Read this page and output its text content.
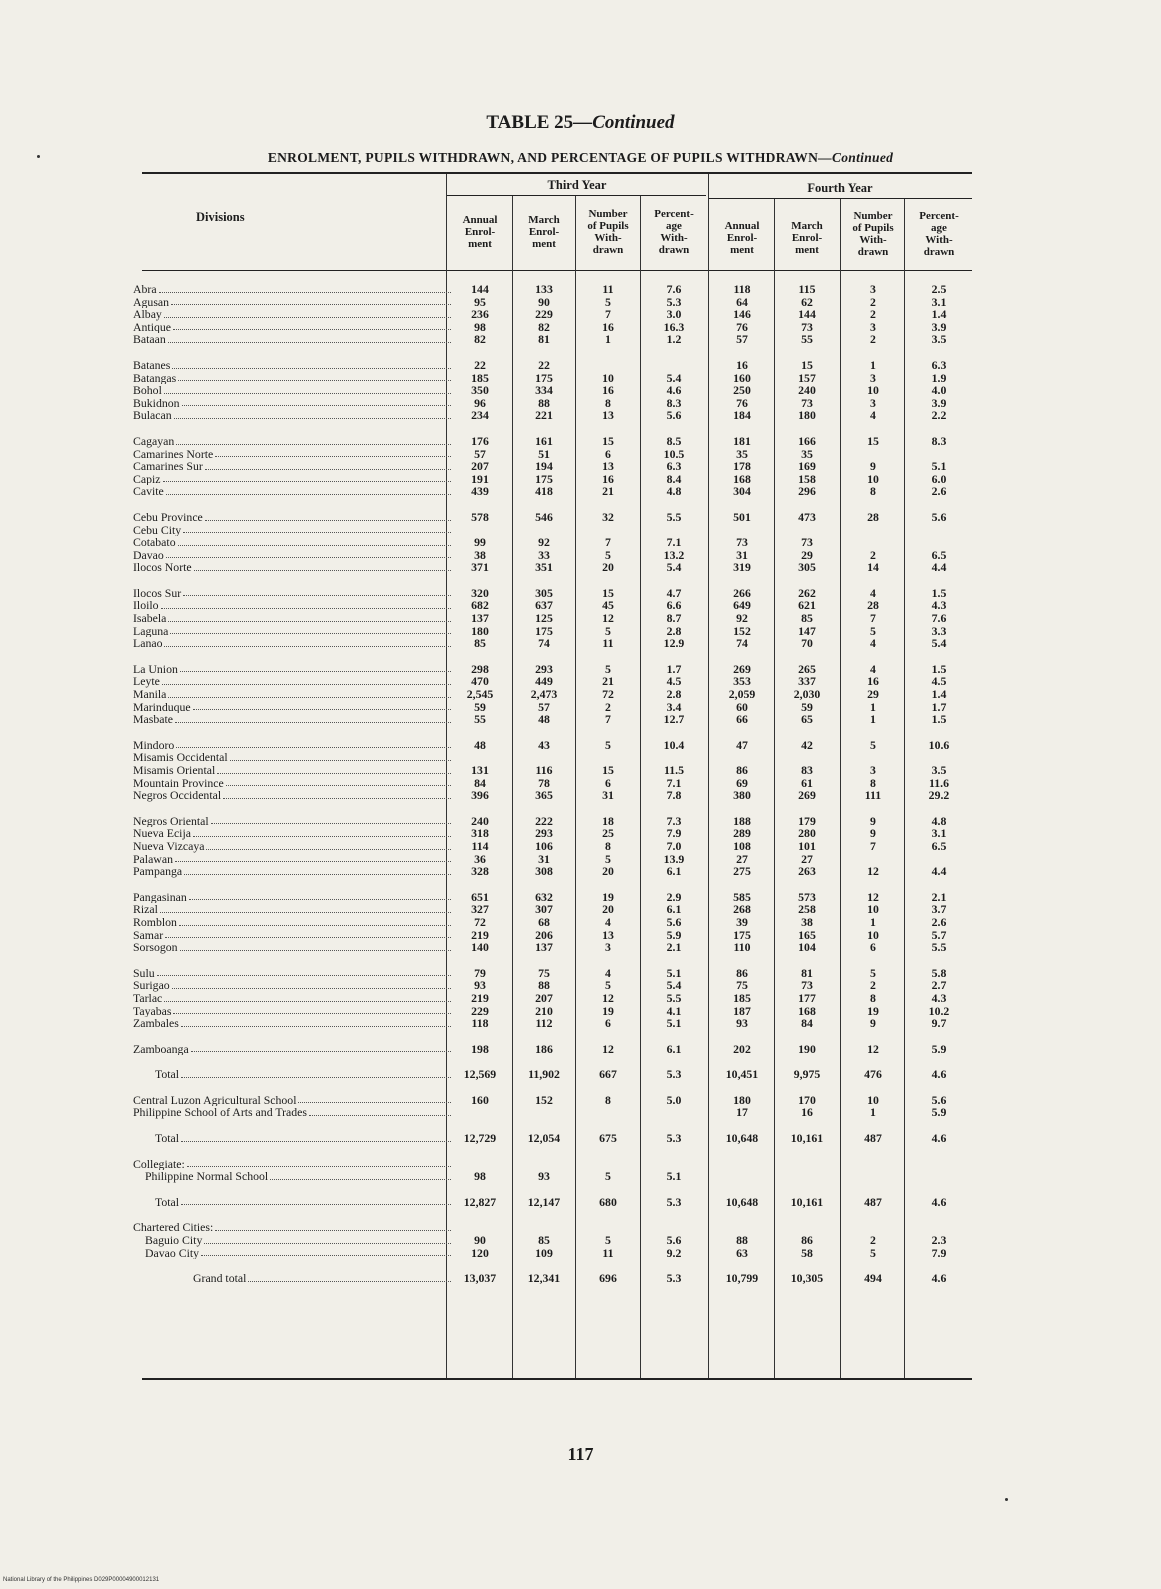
TABLE 25—Continued
ENROLMENT, PUPILS WITHDRAWN, AND PERCENTAGE OF PUPILS WITHDRAWN—Continued
Third Year	Fourth Year
Divisions	Annual
Enrol-
ment
March
Enrol-
ment
Number
of Pupils
With-
drawn
Percent-
age
With-
drawn
Annual
Enrol-
ment
March
Enrol-
ment
Number
of Pupils
With-
drawn
Percent-
age
With-
drawn
Abra
Agusan
Albay
Antique
Bataan
Batanes
Batangas
Bohol
Bukidnon
Bulacan
Cagayan
Camarines Norte
Camarines Sur
Capiz
Cavite
Cebu Province
Cebu City
Cotabato
Davao
Ilocos Norte
Ilocos Sur
Iloilo
Isabela
Laguna
Lanao
La Union
Leyte
Manila
Marinduque
Masbate
Mindoro
Misamis Occidental
Misamis Oriental
Mountain Province
Negros Occidental
Negros Oriental
Nueva Ecija
Nueva Vizcaya
Palawan
Pampanga
Pangasinan
Rizal
Romblon
Samar
Sorsogon
Sulu
Surigao
Tarlac
Tayabas
Zambales
Zamboanga
Total
Central Luzon Agricultural School
Philippine School of Arts and Trades
Total
Collegiate:
Philippine Normal School
Total
Chartered Cities:
Baguio City
Davao City
Grand total
144
95
236
98
82
22
185
350
96
234
176
57
207
191
439
578
99
38
371
320
682
137
180
85
298
470
2,545
59
55
48
131
84
396
240
318
114
36
328
651
327
72
219
140
79
93
219
229
118
198
12,569
160
12,729
98
12,827
90
120
13,037
133
90
229
82
81
22
175
334
88
221
161
51
194
175
418
546
92
33
351
305
637
125
175
74
293
449
2,473
57
48
43
116
78
365
222
293
106
31
308
632
307
68
206
137
75
88
207
210
112
186
11,902
152
12,054
93
12,147
85
109
12,341
11
5
7
16
1
10
16
8
13
15
6
13
16
21
32
7
5
20
15
45
12
5
11
5
21
72
2
7
5
15
6
31
18
25
8
5
20
19
20
4
13
3
4
5
12
19
6
12
667
8
675
5
680
5
11
696
7.6
5.3
3.0
16.3
1.2
5.4
4.6
8.3
5.6
8.5
10.5
6.3
8.4
4.8
5.5
7.1
13.2
5.4
4.7
6.6
8.7
2.8
12.9
1.7
4.5
2.8
3.4
12.7
10.4
11.5
7.1
7.8
7.3
7.9
7.0
13.9
6.1
2.9
6.1
5.6
5.9
2.1
5.1
5.4
5.5
4.1
5.1
6.1
5.3
5.0
5.3
5.1
5.3
5.6
9.2
5.3
118
64
146
76
57
16
160
250
76
184
181
35
178
168
304
501
73
31
319
266
649
92
152
74
269
353
2,059
60
66
47
86
69
380
188
289
108
27
275
585
268
39
175
110
86
75
185
187
93
202
10,451
180
17
10,648
10,648
88
63
10,799
115
62
144
73
55
15
157
240
73
180
166
35
169
158
296
473
73
29
305
262
621
85
147
70
265
337
2,030
59
65
42
83
61
269
179
280
101
27
263
573
258
38
165
104
81
73
177
168
84
190
9,975
170
16
10,161
10,161
86
58
10,305
3
2
2
3
2
1
3
10
3
4
15
9
10
8
28
2
14
4
28
7
5
4
4
16
29
1
1
5
3
8
111
9
9
7
12
12
10
1
10
6
5
2
8
19
9
12
476
10
1
487
487
2
5
494
2.5
3.1
1.4
3.9
3.5
6.3
1.9
4.0
3.9
2.2
8.3
5.1
6.0
2.6
5.6
6.5
4.4
1.5
4.3
7.6
3.3
5.4
1.5
4.5
1.4
1.7
1.5
10.6
3.5
11.6
29.2
4.8
3.1
6.5
4.4
2.1
3.7
2.6
5.7
5.5
5.8
2.7
4.3
10.2
9.7
5.9
4.6
5.6
5.9
4.6
4.6
2.3
7.9
4.6
117
National Library of the Philippines D029P00004900012131
